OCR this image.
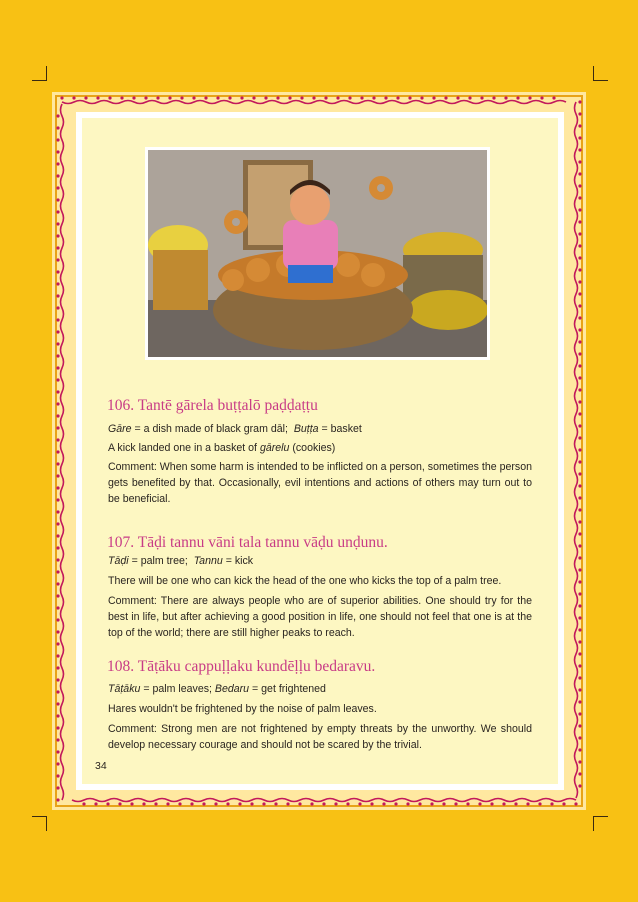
106. Tantē gārela buṭṭalō paḍḍaṭṭu
Gāre = a dish made of black gram dāl; Buṭṭa = basket
A kick landed one in a basket of gārelu (cookies)
Comment: When some harm is intended to be inflicted on a person, sometimes the person gets benefited by that. Occasionally, evil intentions and actions of others may turn out to be beneficial.
107. Tāḍi tannu vāni tala tannu vāḍu unḍunu.
Tāḍi = palm tree; Tannu = kick
There will be one who can kick the head of the one who kicks the top of a palm tree.
Comment: There are always people who are of superior abilities. One should try for the best in life, but after achieving a good position in life, one should not feel that one is at the top of the world; there are still higher peaks to reach.
108. Tāṭāku cappuḷḷaku kundēḷḷu bedaravu.
Tāṭāku = palm leaves; Bedaru = get frightened
Hares wouldn't be frightened by the noise of palm leaves.
Comment: Strong men are not frightened by empty threats by the unworthy. We should develop necessary courage and should not be scared by the trivial.
34
